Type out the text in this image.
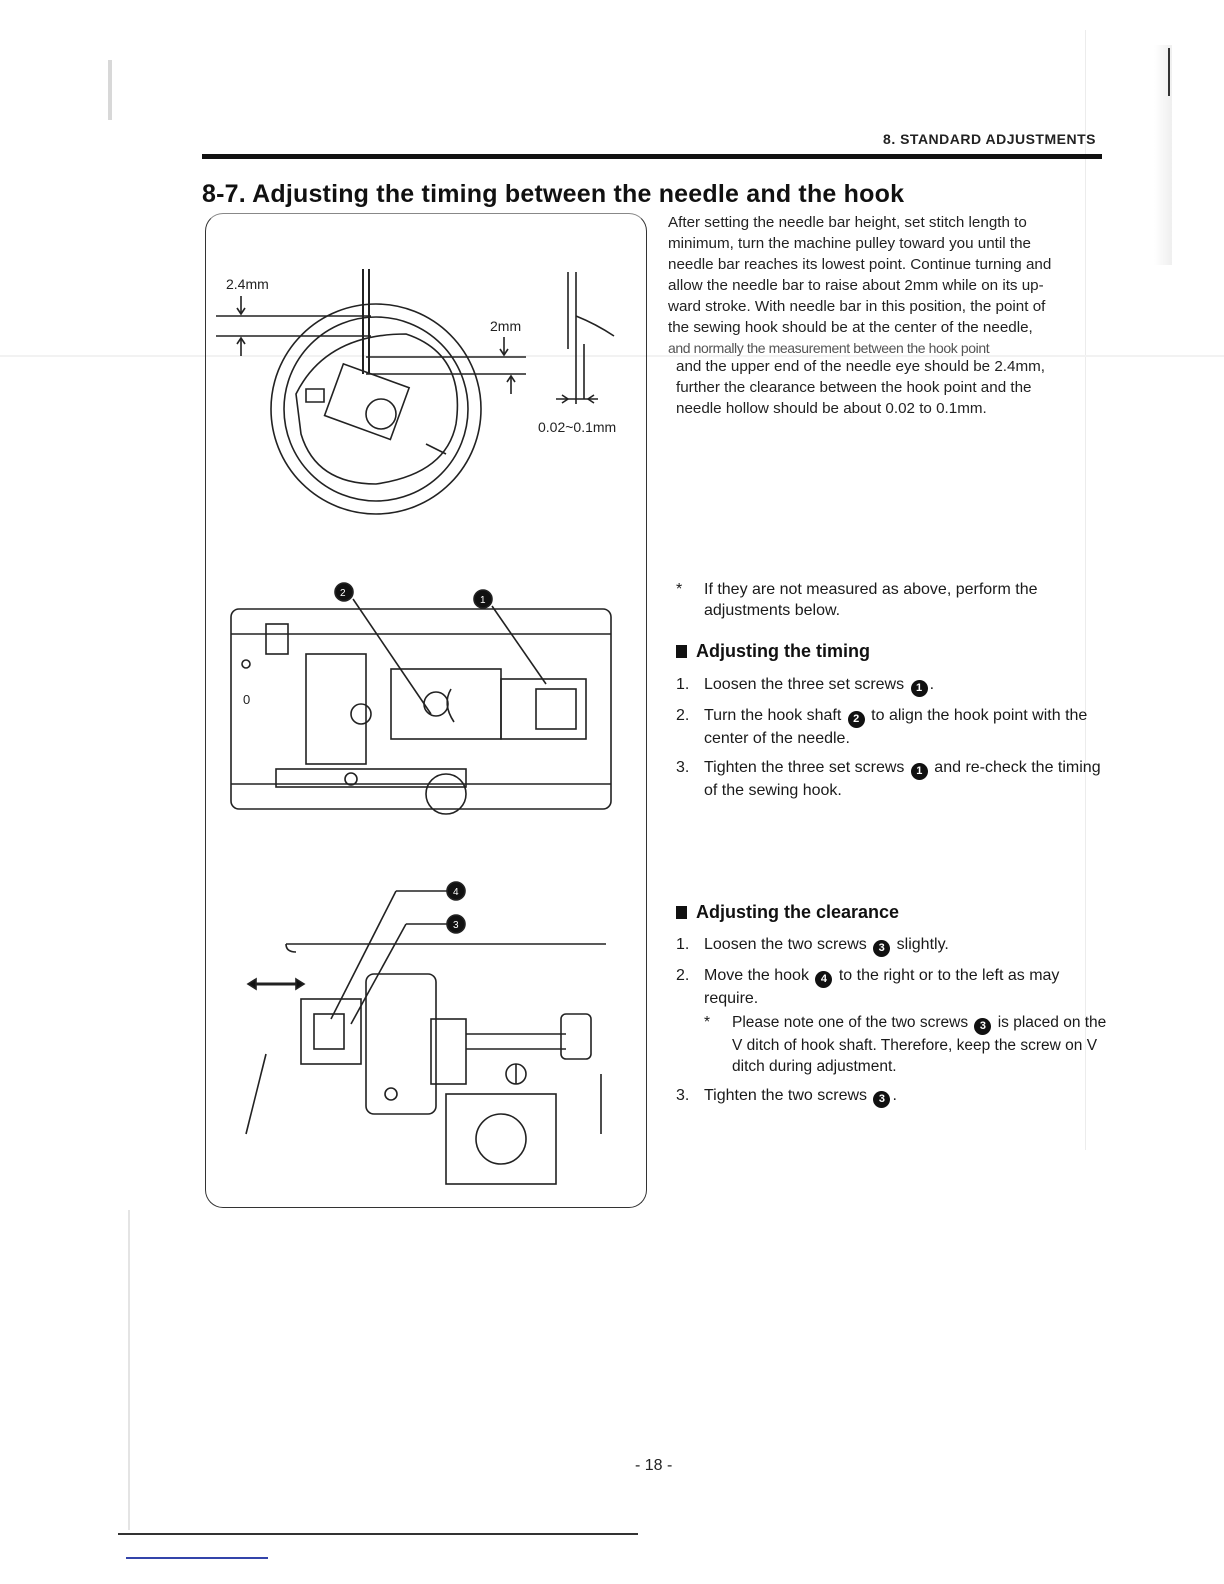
8. STANDARD ADJUSTMENTS
8-7. Adjusting the timing between the needle and the hook
2.4mm
2mm
0.02~0.1mm
2
1
0
4
3

After setting the needle bar height, set stitch length to

minimum, turn the machine pulley toward you until the

needle bar reaches its lowest point. Continue turning and

allow the needle bar to raise about 2mm while on its up-

ward stroke. With needle bar in this position, the point of

the sewing hook should be at the center of the needle,

and normally the measurement between the hook point

and the upper end of the needle eye should be 2.4mm,

further the clearance between the hook point and the

needle hollow should be about 0.02 to 0.1mm.

* If they are not measured as above, perform the adjustments below.
Adjusting the timing
1. Loosen the three set screws 1 .
2. Turn the hook shaft 2 to align the hook point with the center of the needle.
3. Tighten the three set screws 1 and re-check the timing of the sewing hook.
Adjusting the clearance
1. Loosen the two screws 3 slightly.
2. Move the hook 4 to the right or to the left as may require.
* Please note one of the two screws 3 is placed on the V ditch of hook shaft. Therefore, keep the screw on V ditch during adjustment.
3. Tighten the two screws 3 .
- 18 -
